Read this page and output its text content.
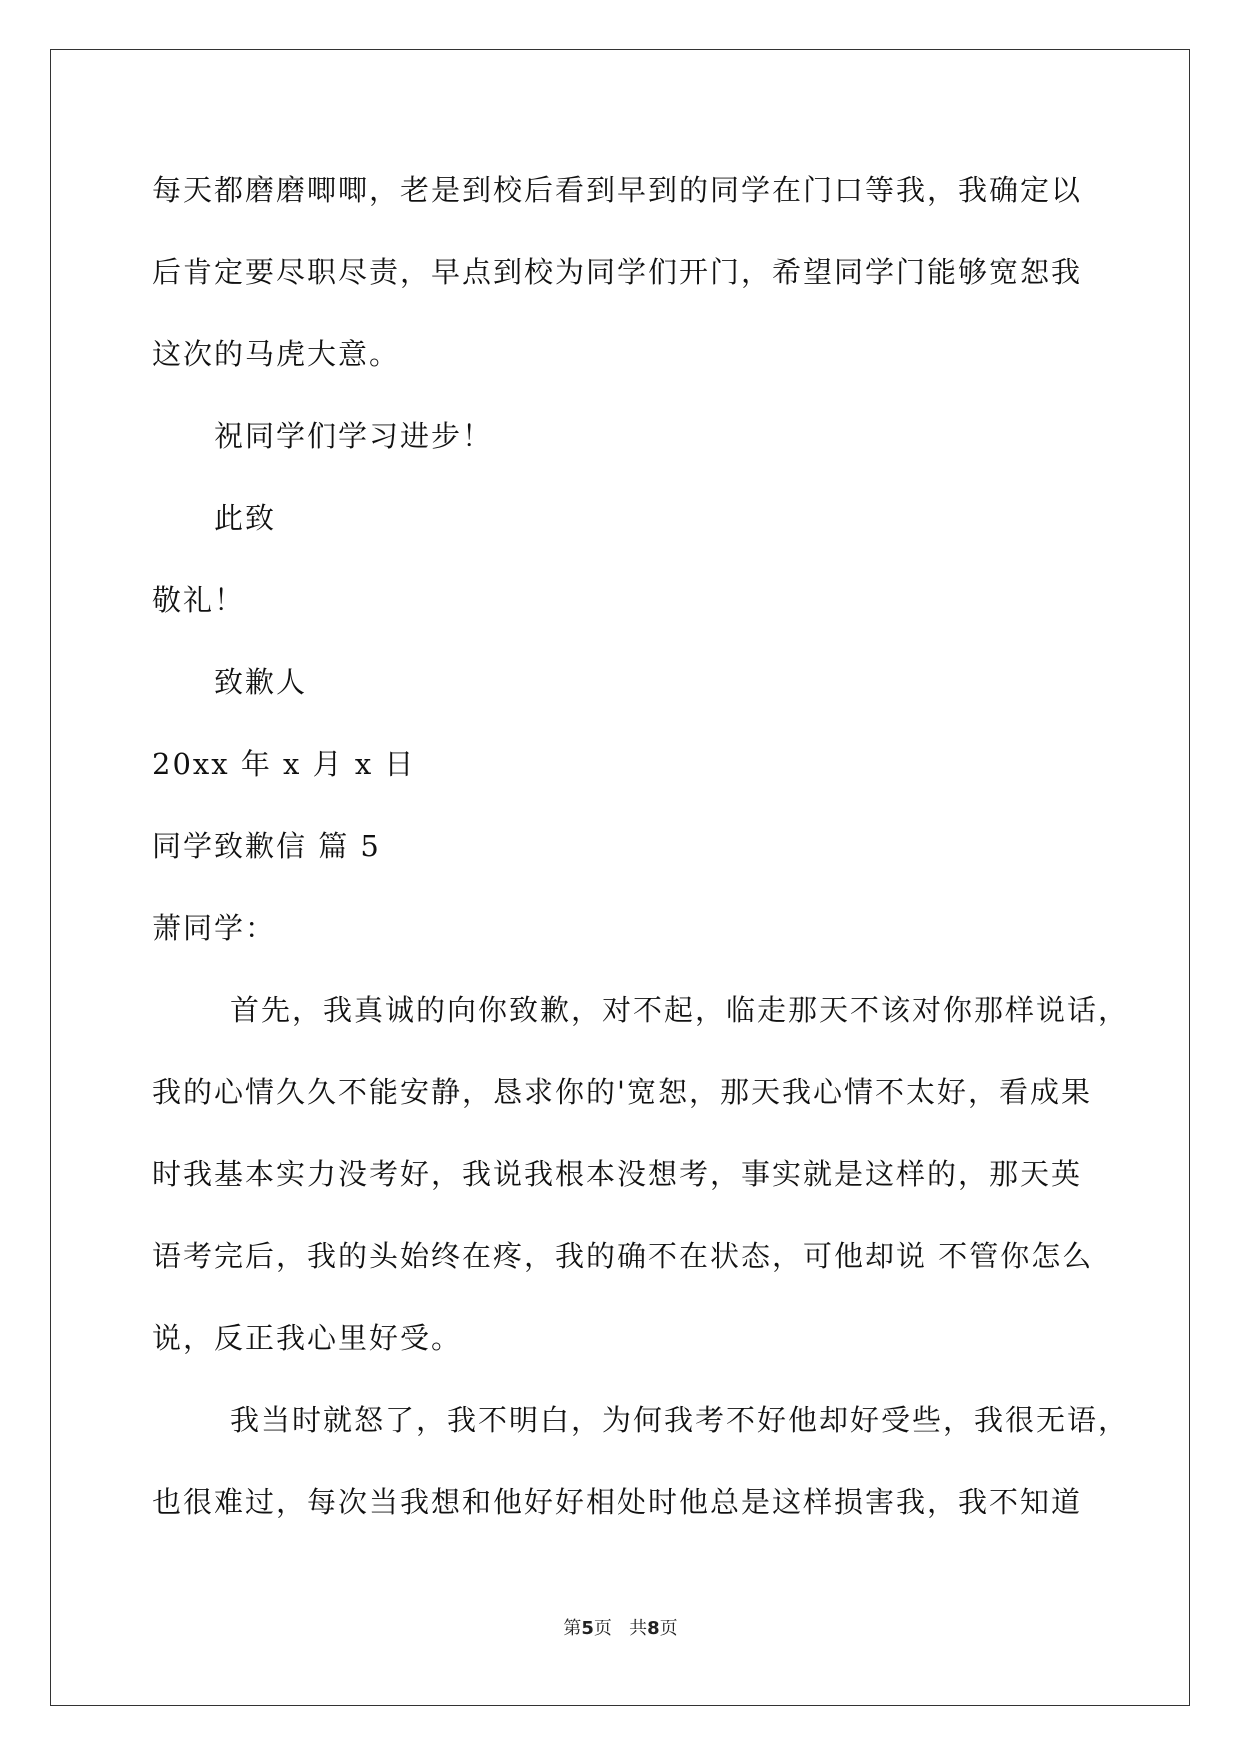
每天都磨磨唧唧，老是到校后看到早到的同学在门口等我，我确定以
后肯定要尽职尽责，早点到校为同学们开门，希望同学门能够宽恕我
这次的马虎大意。
祝同学们学习进步！
此致
敬礼！
致歉人
20xx 年 x 月 x 日
同学致歉信 篇 5
萧同学：
首先，我真诚的向你致歉，对不起，临走那天不该对你那样说话，
我的心情久久不能安静，恳求你的'宽恕，那天我心情不太好，看成果
时我基本实力没考好，我说我根本没想考，事实就是这样的，那天英
语考完后，我的头始终在疼，我的确不在状态，可他却说 不管你怎么
说，反正我心里好受。
我当时就怒了，我不明白，为何我考不好他却好受些，我很无语，
也很难过，每次当我想和他好好相处时他总是这样损害我，我不知道
第5页 共8页
